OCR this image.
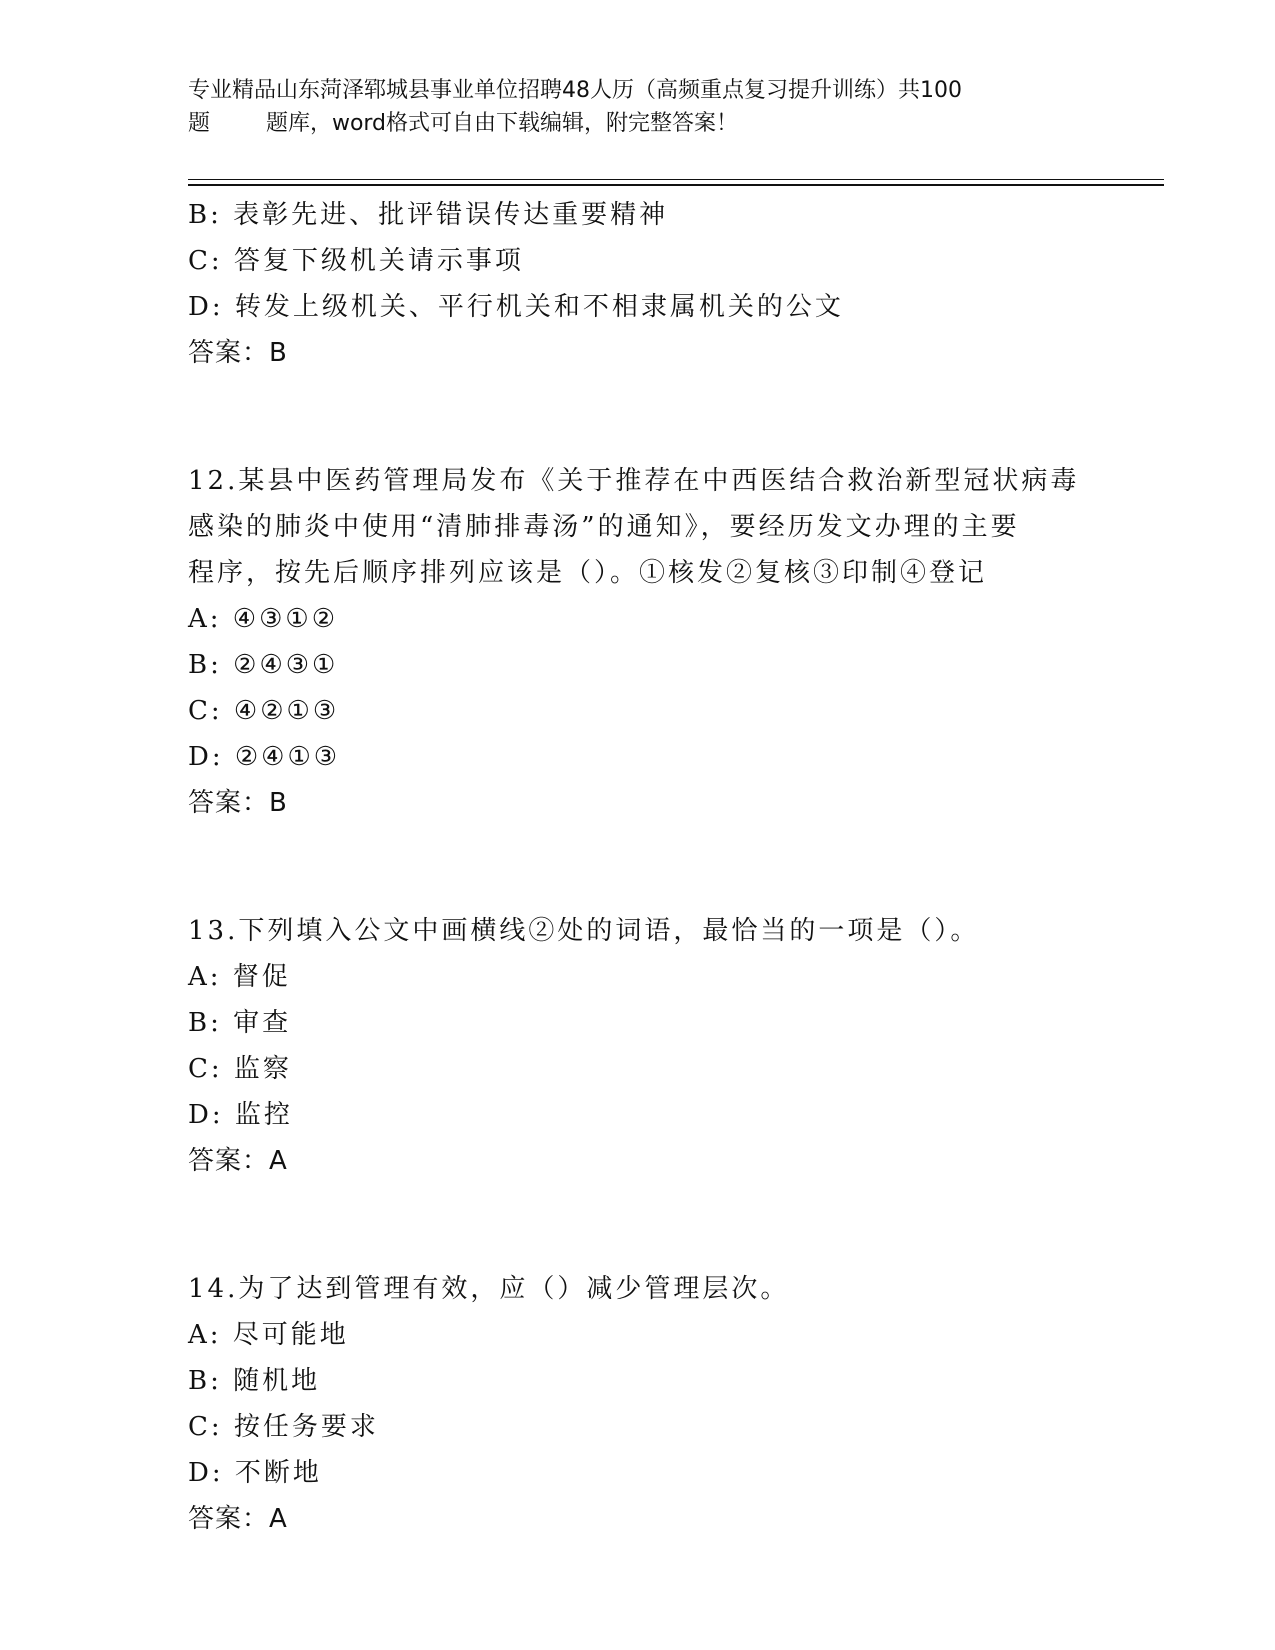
专业精品山东菏泽郓城县事业单位招聘48人历（高频重点复习提升训练）共100
题        题库，word格式可自由下载编辑，附完整答案！
B: 表彰先进、批评错误传达重要精神
C: 答复下级机关请示事项
D: 转发上级机关、平行机关和不相隶属机关的公文
答案：B
12.某县中医药管理局发布《关于推荐在中西医结合救治新型冠状病毒
感染的肺炎中使用“清肺排毒汤”的通知》，要经历发文办理的主要
程序，按先后顺序排列应该是（）。①核发②复核③印制④登记
A: ④③①②
B: ②④③①
C: ④②①③
D: ②④①③
答案：B
13.下列填入公文中画横线②处的词语，最恰当的一项是（）。
A: 督促
B: 审查
C: 监察
D: 监控
答案：A
14.为了达到管理有效，应（）减少管理层次。
A: 尽可能地
B: 随机地
C: 按任务要求
D: 不断地
答案：A
